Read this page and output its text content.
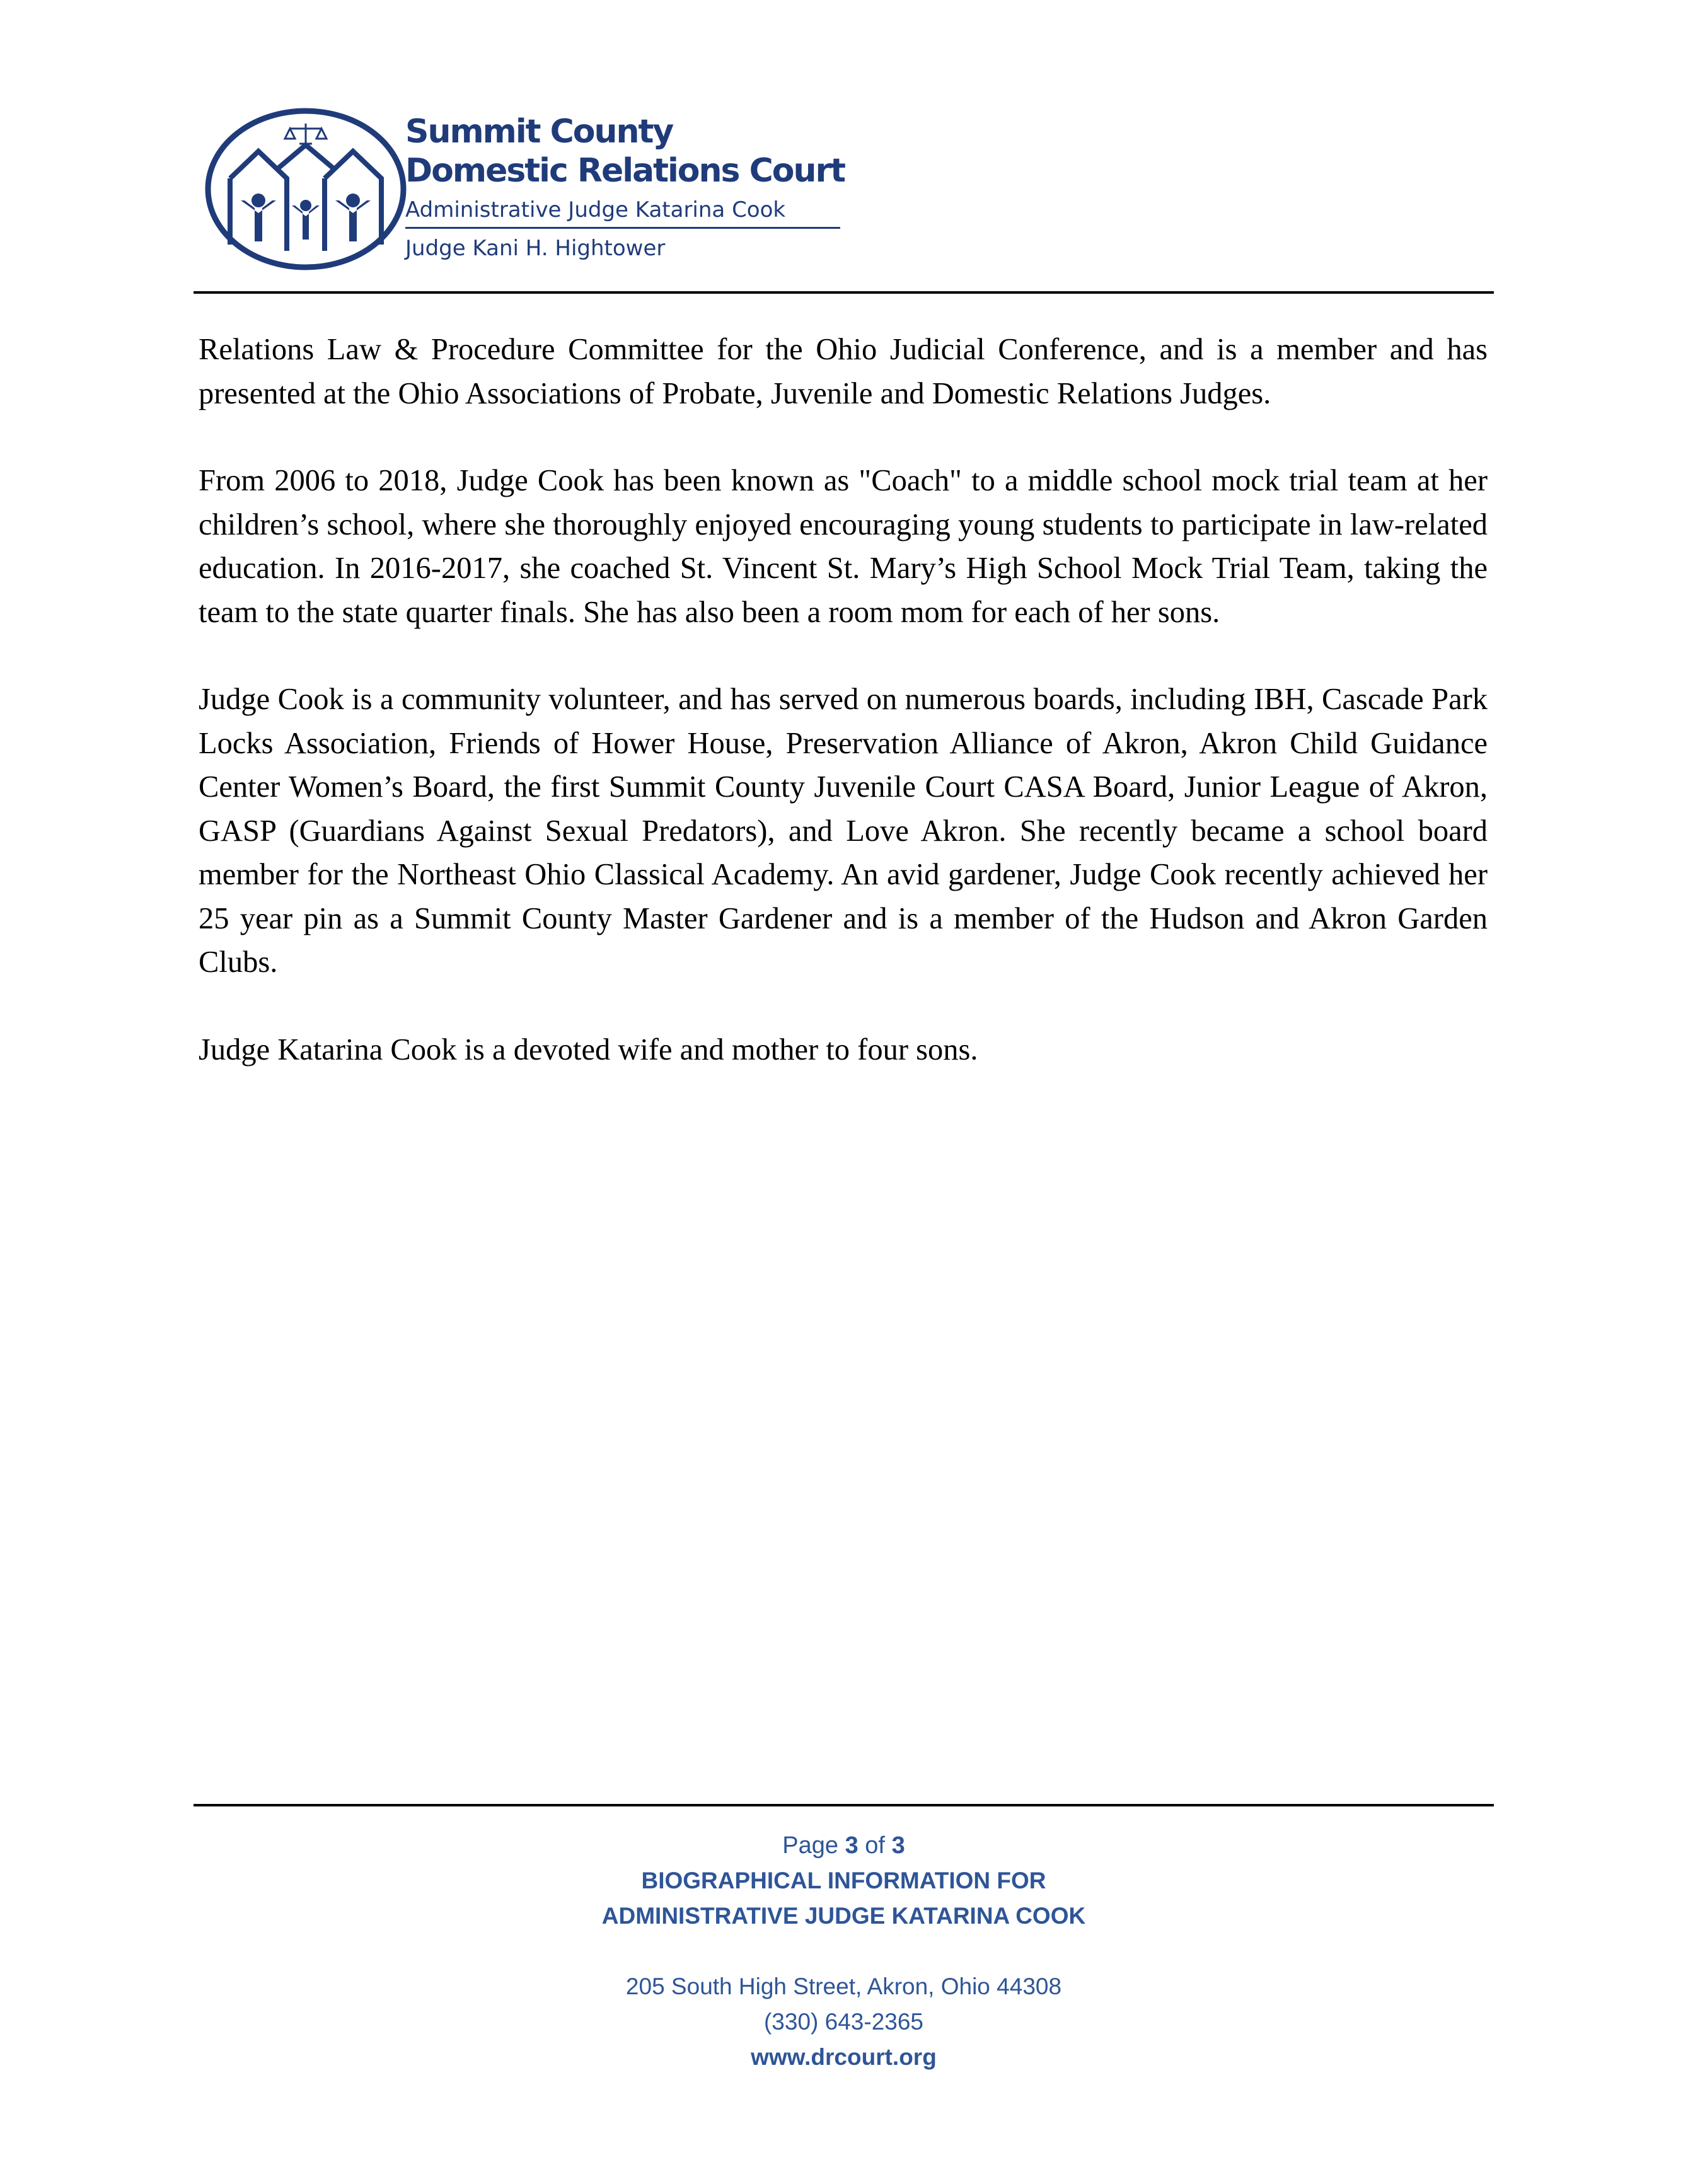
Summit County
Domestic Relations Court
Administrative Judge Katarina Cook
Judge Kani H. Hightower

Relations Law & Procedure Committee for the Ohio Judicial Conference, and is a member and has presented at the Ohio Associations of Probate, Juvenile and Domestic Relations Judges.

From 2006 to 2018, Judge Cook has been known as "Coach" to a middle school mock trial team at her children’s school, where she thoroughly enjoyed encouraging young students to participate in law-related education. In 2016-2017, she coached St. Vincent St. Mary’s High School Mock Trial Team, taking the team to the state quarter finals. She has also been a room mom for each of her sons.

Judge Cook is a community volunteer, and has served on numerous boards, including IBH, Cascade Park Locks Association, Friends of Hower House, Preservation Alliance of Akron, Akron Child Guidance Center Women’s Board, the first Summit County Juvenile Court CASA Board, Junior League of Akron, GASP (Guardians Against Sexual Predators), and Love Akron. She recently became a school board member for the Northeast Ohio Classical Academy. An avid gardener, Judge Cook recently achieved her 25 year pin as a Summit County Master Gardener and is a member of the Hudson and Akron Garden Clubs.

Judge Katarina Cook is a devoted wife and mother to four sons.

Page 3 of 3
BIOGRAPHICAL INFORMATION FOR
ADMINISTRATIVE JUDGE KATARINA COOK
205 South High Street, Akron, Ohio 44308
(330) 643-2365
www.drcourt.org
